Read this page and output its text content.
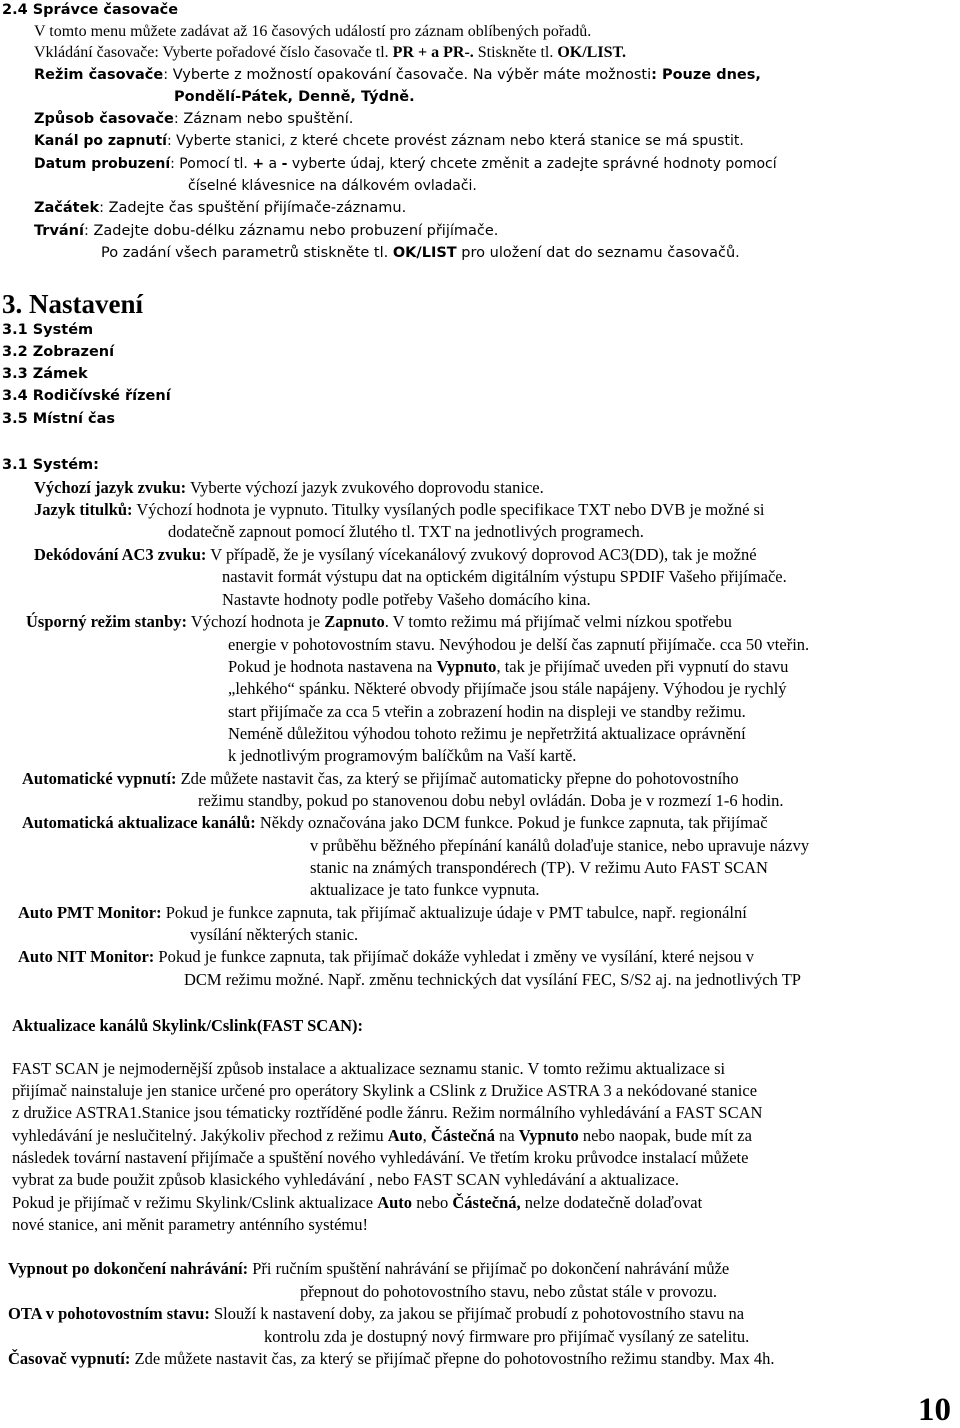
2.4 Správce časovače
V tomto menu můžete zadávat až 16 časových událostí pro záznam oblíbených pořadů.
Vkládání časovače: Vyberte pořadové číslo časovače tl. PR + a PR-. Stiskněte tl. OK/LIST.
Režim časovače: Vyberte z možností opakování časovače. Na výběr máte možnosti: Pouze dnes,
Pondělí-Pátek, Denně, Týdně.
Způsob časovače: Záznam nebo spuštění.
Kanál po zapnutí: Vyberte stanici, z které chcete provést záznam nebo která stanice se má spustit.
Datum probuzení: Pomocí tl. + a - vyberte údaj, který chcete změnit a zadejte správné hodnoty pomocí
číselné klávesnice na dálkovém ovladači.
Začátek: Zadejte čas spuštění přijímače-záznamu.
Trvání: Zadejte dobu-délku záznamu nebo probuzení přijímače.
Po zadání všech parametrů stiskněte tl. OK/LIST pro uložení dat do seznamu časovačů.
3. Nastavení
3.1 Systém
3.2 Zobrazení
3.3 Zámek
3.4 Rodičívské řízení
3.5 Místní čas
3.1 Systém:
Výchozí jazyk zvuku: Vyberte výchozí jazyk zvukového doprovodu stanice.
Jazyk titulků: Výchozí hodnota je vypnuto. Titulky vysílaných podle specifikace TXT nebo DVB je možné si
dodatečně zapnout pomocí žlutého tl. TXT na jednotlivých programech.
Dekódování AC3 zvuku: V případě, že je vysílaný vícekanálový zvukový doprovod AC3(DD), tak je možné
nastavit formát výstupu dat na optickém digitálním výstupu SPDIF Vašeho přijímače.
Nastavte hodnoty podle potřeby Vašeho domácího kina.
Úsporný režim stanby: Výchozí hodnota je Zapnuto. V tomto režimu má přijímač velmi nízkou spotřebu
energie v pohotovostním stavu. Nevýhodou je delší čas zapnutí přijímače. cca 50 vteřin.
Pokud je hodnota nastavena na Vypnuto, tak je přijímač uveden při vypnutí do stavu
„lehkého“ spánku. Některé obvody přijímače jsou stále napájeny. Výhodou je rychlý
start přijímače za cca 5 vteřin a zobrazení hodin na displeji ve standby režimu.
Neméně důležitou výhodou tohoto režimu je nepřetržitá aktualizace oprávnění
k jednotlivým programovým balíčkům na Vaší kartě.
Automatické vypnutí: Zde můžete nastavit čas, za který se přijímač automaticky přepne do pohotovostního
režimu standby, pokud po stanovenou dobu nebyl ovládán. Doba je v rozmezí 1-6 hodin.
Automatická aktualizace kanálů: Někdy označována jako DCM funkce. Pokud je funkce zapnuta, tak přijímač
v průběhu běžného přepínání kanálů dolaďuje stanice, nebo upravuje názvy
stanic na známých transpondérech (TP). V režimu Auto FAST SCAN
aktualizace je tato funkce vypnuta.
Auto PMT Monitor: Pokud je funkce zapnuta, tak přijímač aktualizuje údaje v PMT tabulce, např. regionální
vysílání některých stanic.
Auto NIT Monitor: Pokud je funkce zapnuta, tak přijímač dokáže vyhledat i změny ve vysílání, které nejsou v
DCM režimu možné. Např. změnu technických dat vysílání FEC, S/S2 aj. na jednotlivých TP
Aktualizace kanálů Skylink/Cslink(FAST SCAN):
FAST SCAN je nejmodernější způsob instalace a aktualizace seznamu stanic. V tomto režimu aktualizace si
přijímač nainstaluje jen stanice určené pro operátory Skylink a CSlink z Družice ASTRA 3 a nekódované stanice
z družice ASTRA1.Stanice jsou tématicky roztříděné podle žánru. Režim normálního vyhledávání a FAST SCAN
vyhledávání je neslučitelný. Jakýkoliv přechod z režimu Auto, Částečná na Vypnuto nebo naopak, bude mít za
následek tovární nastavení přijímače a spuštění nového vyhledávání. Ve třetím kroku průvodce instalací můžete
vybrat za bude použit způsob klasického vyhledávání , nebo FAST SCAN vyhledávání a aktualizace.
Pokud je přijímač v režimu Skylink/Cslink aktualizace Auto nebo Částečná, nelze dodatečně dolaďovat
nové stanice, ani měnit parametry anténního systému!
Vypnout po dokončení nahrávání: Při ručním spuštění nahrávání se přijímač po dokončení nahrávání může
přepnout do pohotovostního stavu, nebo zůstat stále v provozu.
OTA v pohotovostním stavu: Slouží k nastavení doby, za jakou se přijímač probudí z pohotovostního stavu na
kontrolu zda je dostupný nový firmware pro přijímač vysílaný ze satelitu.
Časovač vypnutí: Zde můžete nastavit čas, za který se přijímač přepne do pohotovostního režimu standby. Max 4h.
10
